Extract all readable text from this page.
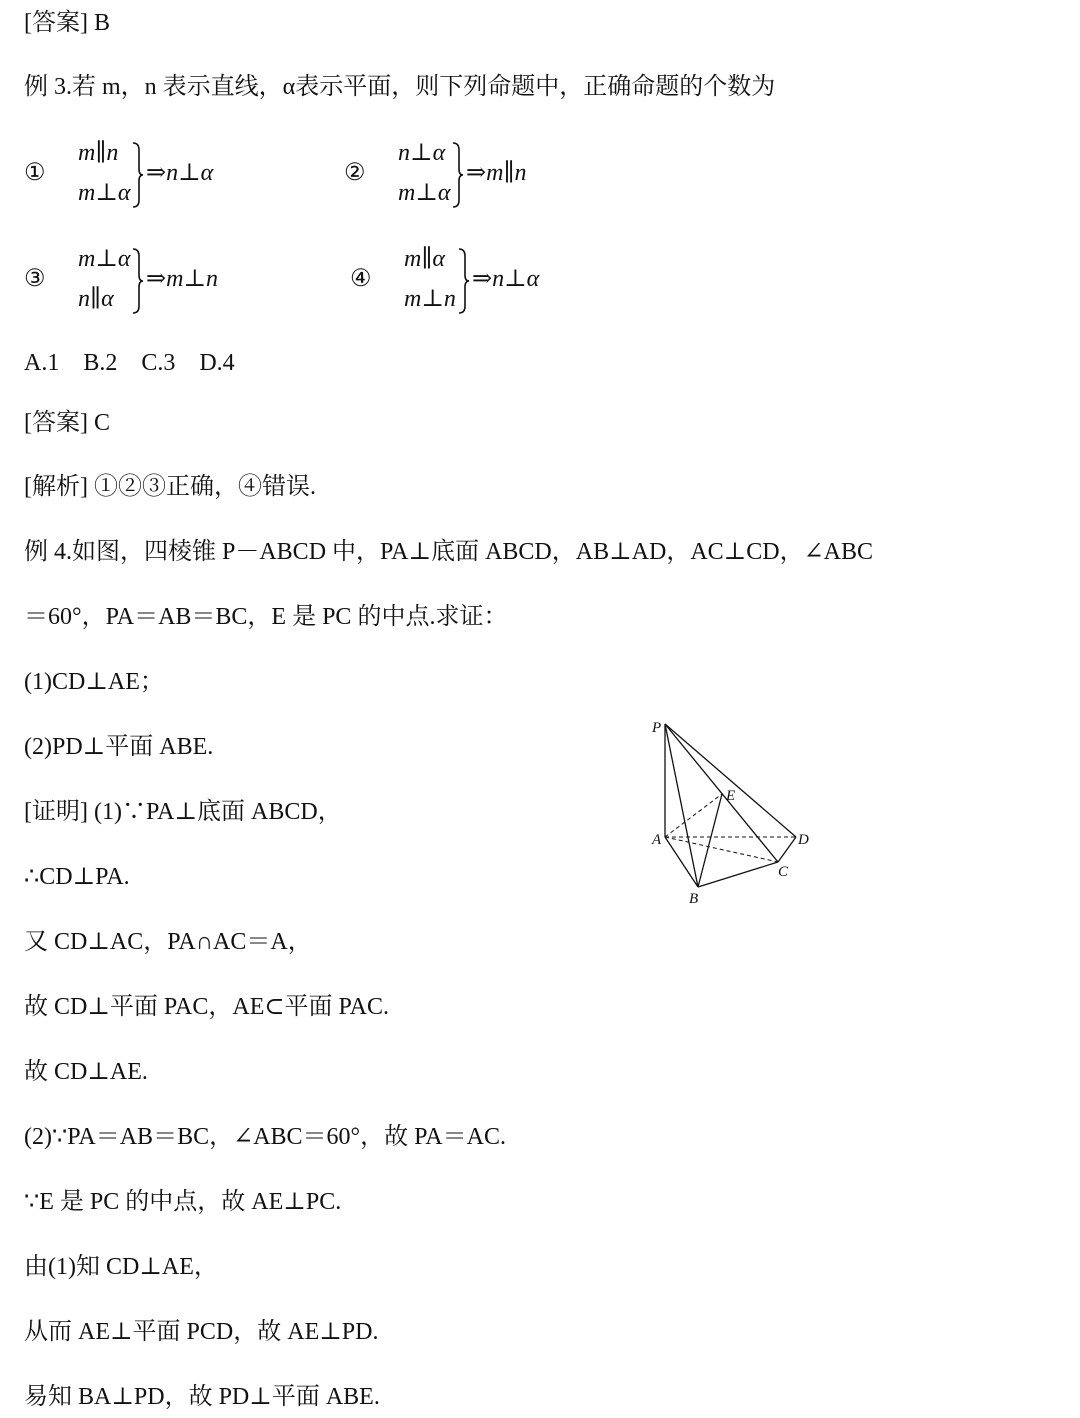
[答案] B
例 3.若 m，n 表示直线，α表示平面，则下列命题中，正确命题的个数为
①
m∥n
m⊥α
⇒n⊥α	②
n⊥α
m⊥α
⇒m∥n
③
m⊥α
n∥α
⇒m⊥n	④
m∥α
m⊥n
⇒n⊥α
A.1　B.2　C.3　D.4
[答案] C
[解析] ①②③正确，④错误.
例 4.如图，四棱锥 P－ABCD 中，PA⊥底面 ABCD，AB⊥AD，AC⊥CD，∠ABC
＝60°，PA＝AB＝BC，E 是 PC 的中点.求证：
(1)CD⊥AE；
(2)PD⊥平面 ABE.
[证明] (1)∵PA⊥底面 ABCD，
∴CD⊥PA.
又 CD⊥AC，PA∩AC＝A，
故 CD⊥平面 PAC，AE⊂平面 PAC.
故 CD⊥AE.
(2)∵PA＝AB＝BC，∠ABC＝60°，故 PA＝AC.
∵E 是 PC 的中点，故 AE⊥PC.
由(1)知 CD⊥AE，
从而 AE⊥平面 PCD，故 AE⊥PD.
易知 BA⊥PD，故 PD⊥平面 ABE.
P
E
A	D
C
B
